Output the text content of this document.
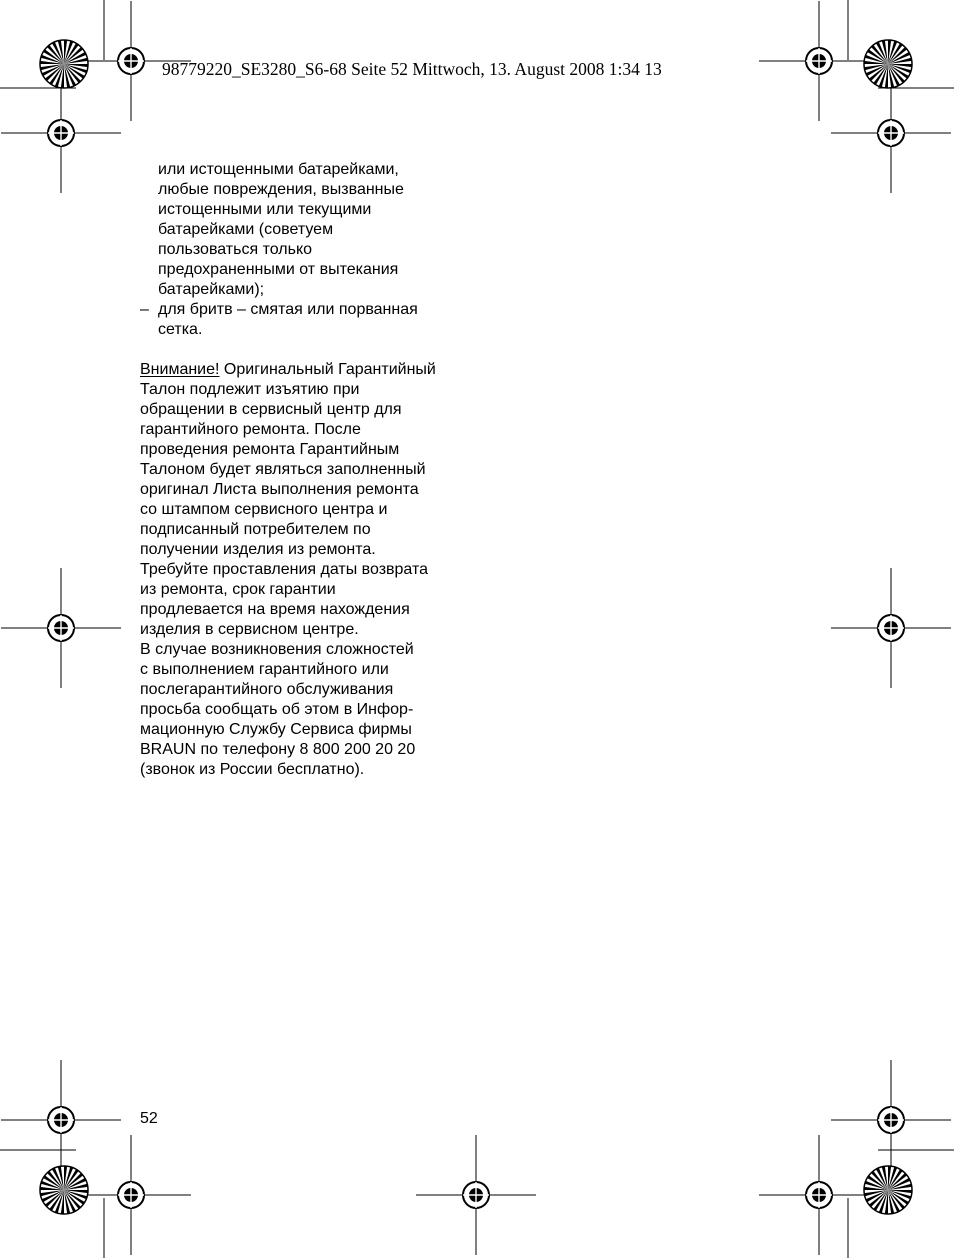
98779220_SE3280_S6-68 Seite 52 Mittwoch, 13. August 2008 1:34 13
или истощенными батарейками,
любые повреждения, вызванные
истощенными или текущими
батарейками (советуем
пользоваться только
предохраненными от вытекания
батарейками);
– для бритв – смятая или порванная
сетка.
Внимание! Оригинальный Гарантийный
Талон подлежит изъятию при
обращении в сервисный центр для
гарантийного ремонта. После
проведения ремонта Гарантийным
Талоном будет являться заполненный
оригинал Листа выполнения ремонта
со штампом сервисного центра и
подписанный потребителем по
получении изделия из ремонта.
Требуйте проставления даты возврата
из ремонта, срок гарантии
продлевается на время нахождения
изделия в сервисном центре.
В случае возникновения сложностей
с выполнением гарантийного или
послегарантийного обслуживания
просьба сообщать об этом в Инфор-
мационную Службу Сервиса фирмы
BRAUN по телефону 8 800 200 20 20
(звонок из России бесплатно).
52
